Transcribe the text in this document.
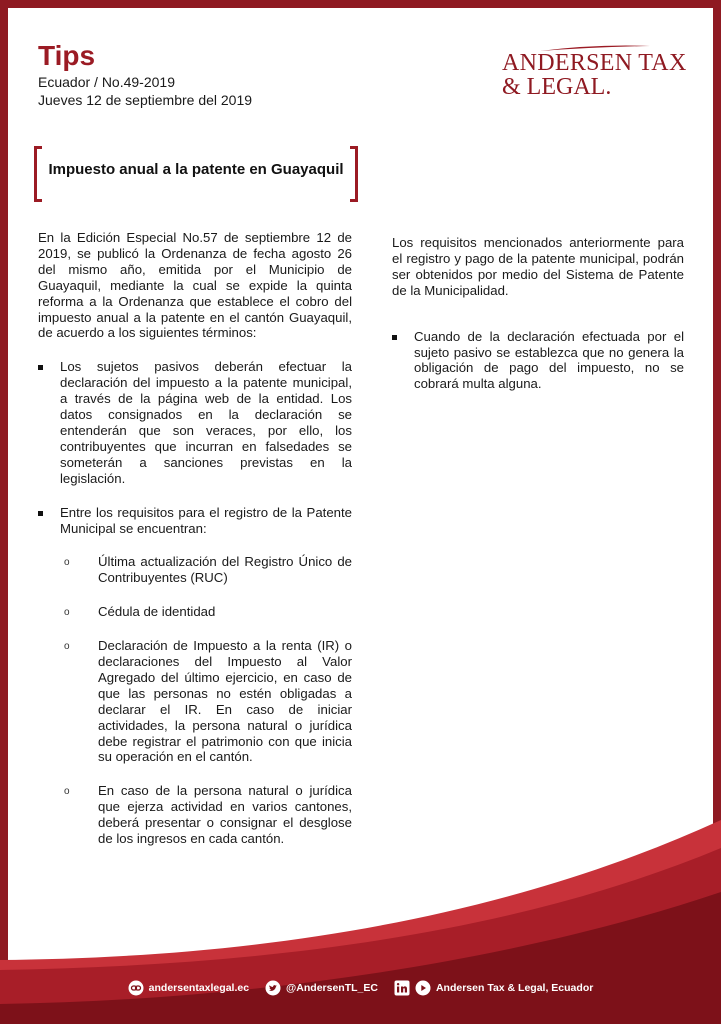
Tips
Ecuador / No.49-2019
Jueves 12 de septiembre del 2019
ANDERSEN TAX
& LEGAL.
Impuesto anual a la patente en Guayaquil

En la Edición Especial No.57 de septiembre 12 de 2019, se publicó la Ordenanza de fecha agosto 26 del mismo año, emitida por el Municipio de Guayaquil, mediante la cual se expide la quinta reforma a la Ordenanza que establece el cobro del impuesto anual a la patente en el cantón Guayaquil, de acuerdo a los siguientes términos:

Los sujetos pasivos deberán efectuar la declaración del impuesto a la patente municipal, a través de la página web de la entidad. Los datos consignados en la declaración se entenderán que son veraces, por ello, los contribuyentes que incurran en falsedades se someterán a sanciones previstas en la legislación.

Entre los requisitos para el registro de la Patente Municipal se encuentran:

o Última actualización del Registro Único de Contribuyentes (RUC)

o Cédula de identidad

o Declaración de Impuesto a la renta (IR) o declaraciones del Impuesto al Valor Agregado del último ejercicio, en caso de que las personas no estén obligadas a declarar el IR. En caso de iniciar actividades, la persona natural o jurídica debe registrar el patrimonio con que inicia su operación en el cantón.

o En caso de la persona natural o jurídica que ejerza actividad en varios cantones, deberá presentar o consignar el desglose de los ingresos en cada cantón.

Los requisitos mencionados anteriormente para el registro y pago de la patente municipal, podrán ser obtenidos por medio del Sistema de Patente de la Municipalidad.

Cuando de la declaración efectuada por el sujeto pasivo se establezca que no genera la obligación de pago del impuesto, no se cobrará multa alguna.

andersentaxlegal.ec	@AndersenTL_EC	Andersen Tax & Legal, Ecuador
